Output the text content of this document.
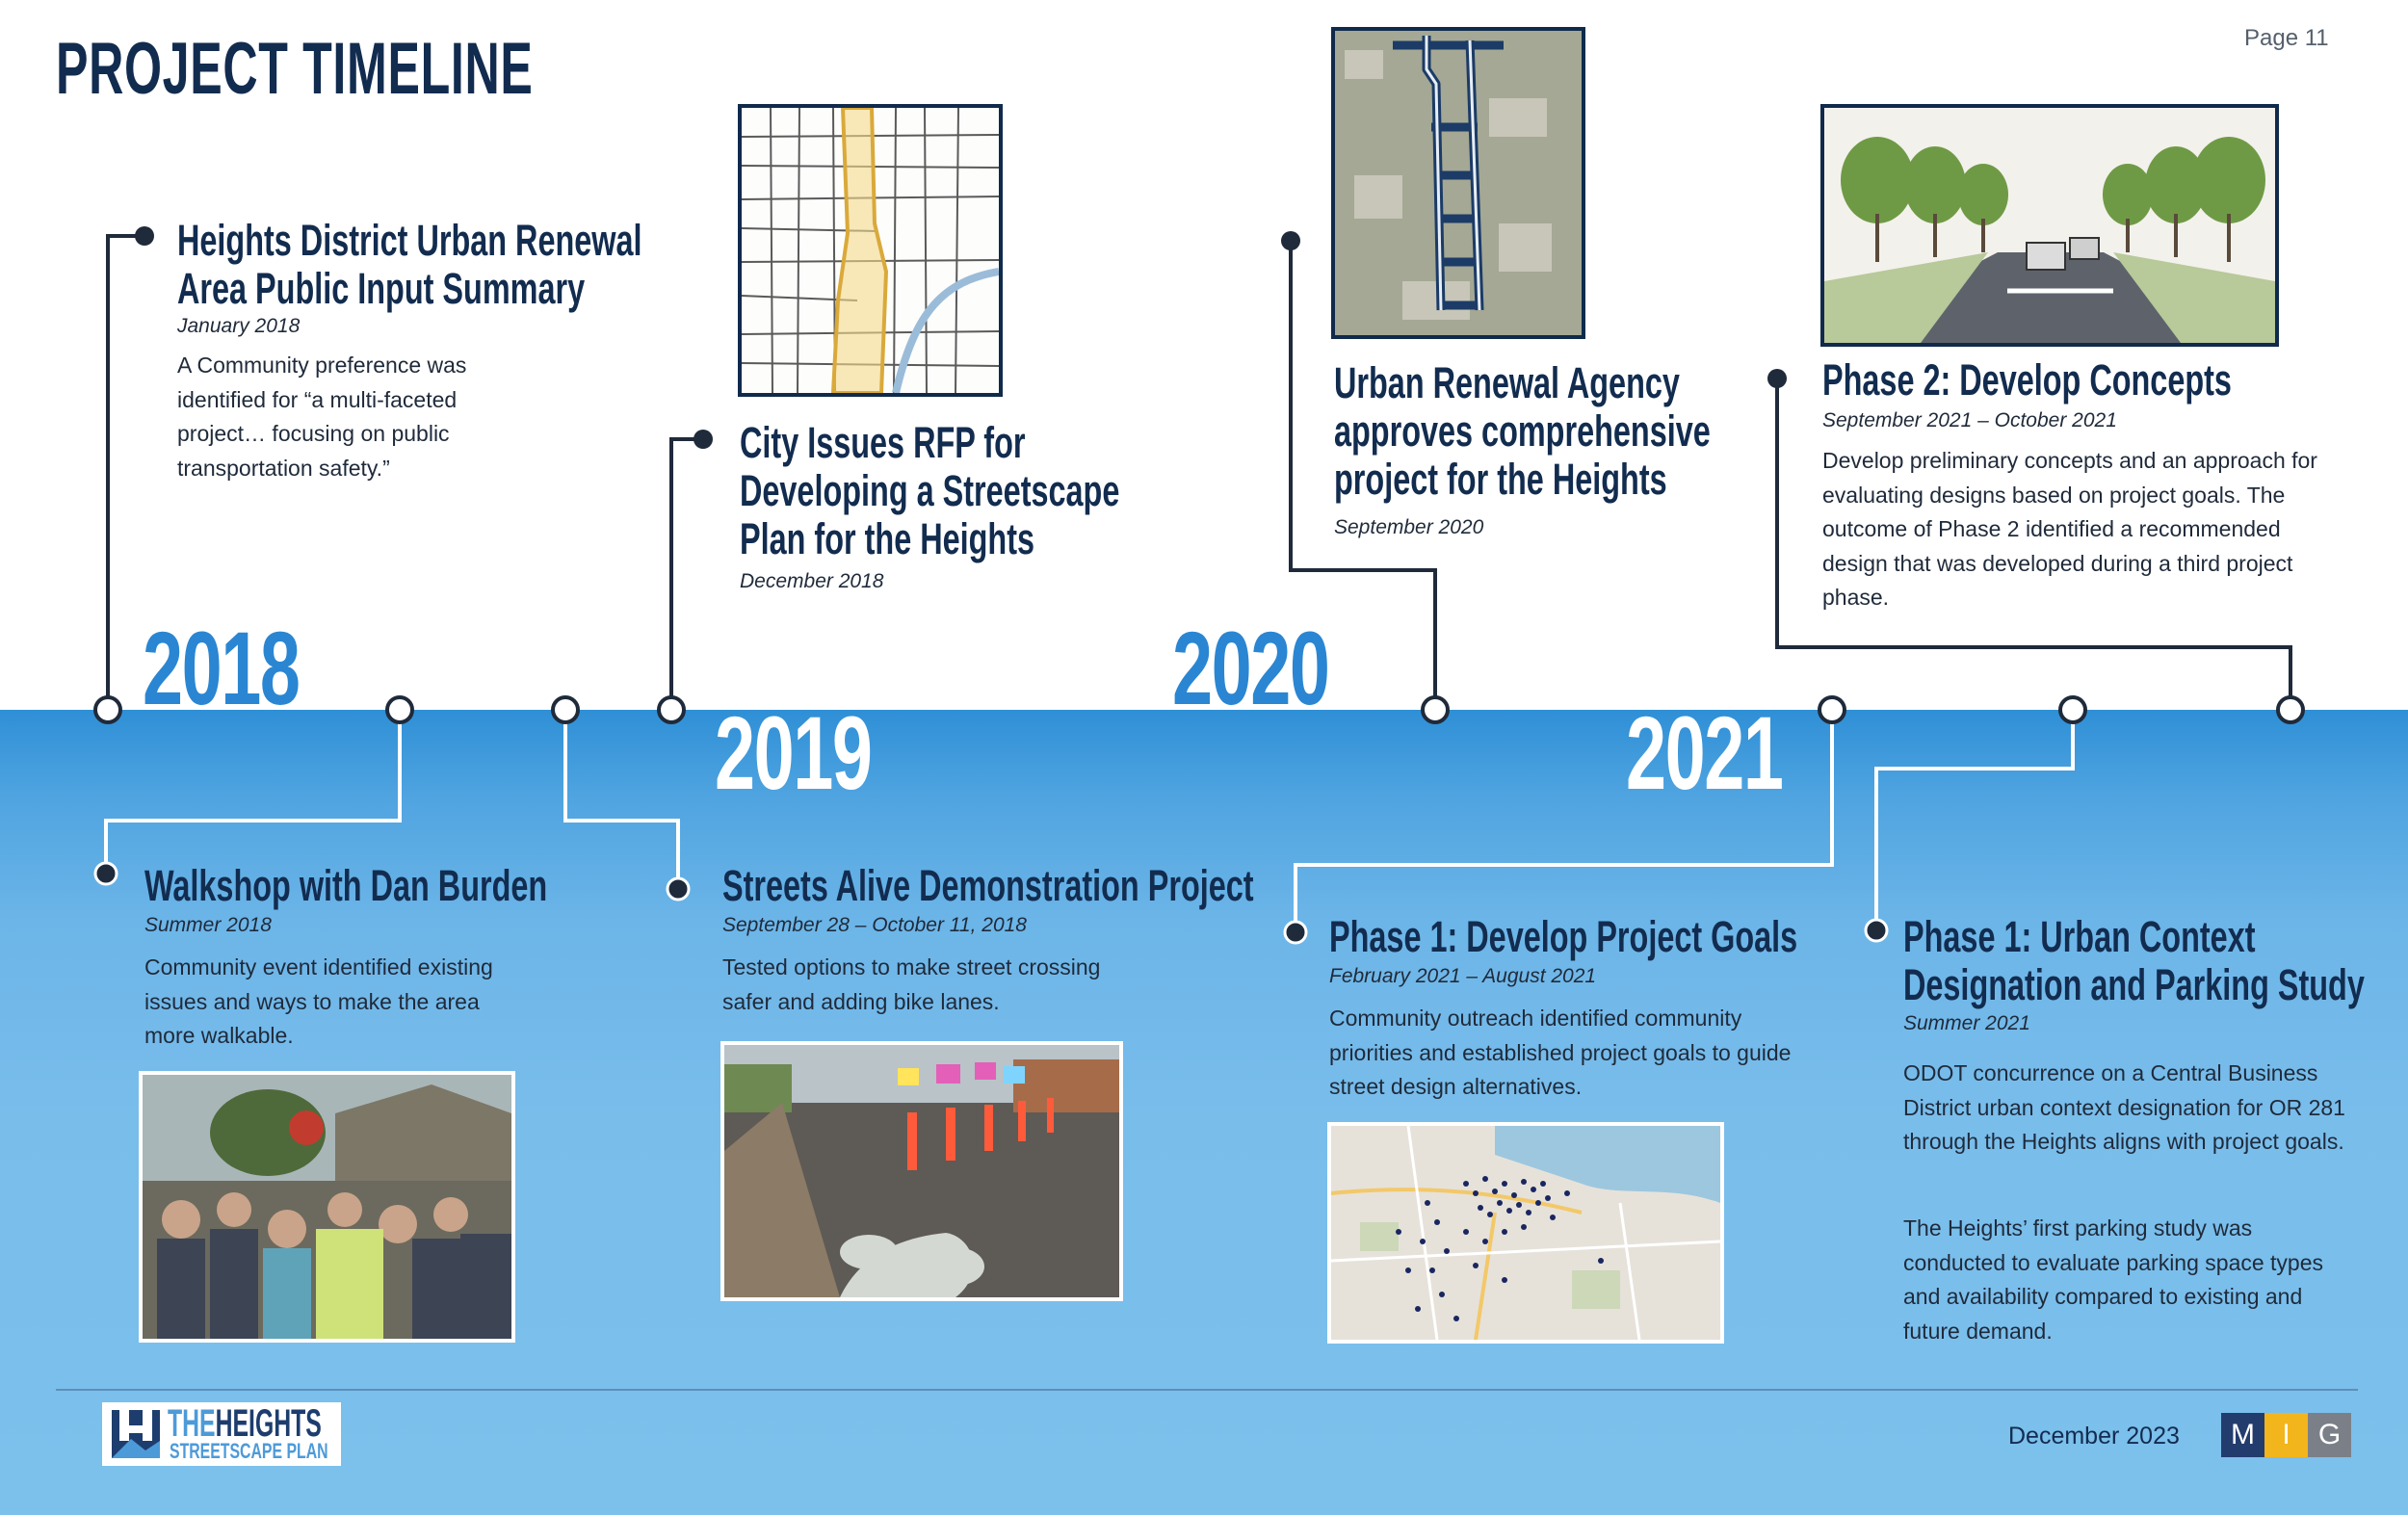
PROJECT TIMELINE	Page 11
2018
2019
2020
2021
Heights District Urban Renewal
Area Public Input Summary
January 2018
A Community preference was identified for “a multi-faceted project… focusing on public transportation safety.”
City Issues RFP for
Developing a Streetscape
Plan for the Heights
December 2018
Urban Renewal Agency
approves comprehensive
project for the Heights
September 2020
Phase 2: Develop Concepts
September 2021 – October 2021
Develop preliminary concepts and an approach for evaluating designs based on project goals. The outcome of Phase 2 identified a recommended design that was developed during a third project phase.
Walkshop with Dan Burden
Summer 2018
Community event identified existing issues and ways to make the area more walkable.
Streets Alive Demonstration Project
September 28 – October 11, 2018
Tested options to make street crossing safer and adding bike lanes.
Phase 1: Develop Project Goals
February 2021 – August 2021
Community outreach identified community priorities and established project goals to guide street design alternatives.
Phase 1: Urban Context
Designation and Parking Study
Summer 2021
ODOT concurrence on a Central Business District urban context designation for OR 281 through the Heights aligns with project goals.
The Heights’ first parking study was conducted to evaluate parking space types and availability compared to existing and future demand.
THEHEIGHTS
STREETSCAPE PLAN
December 2023	M I G
